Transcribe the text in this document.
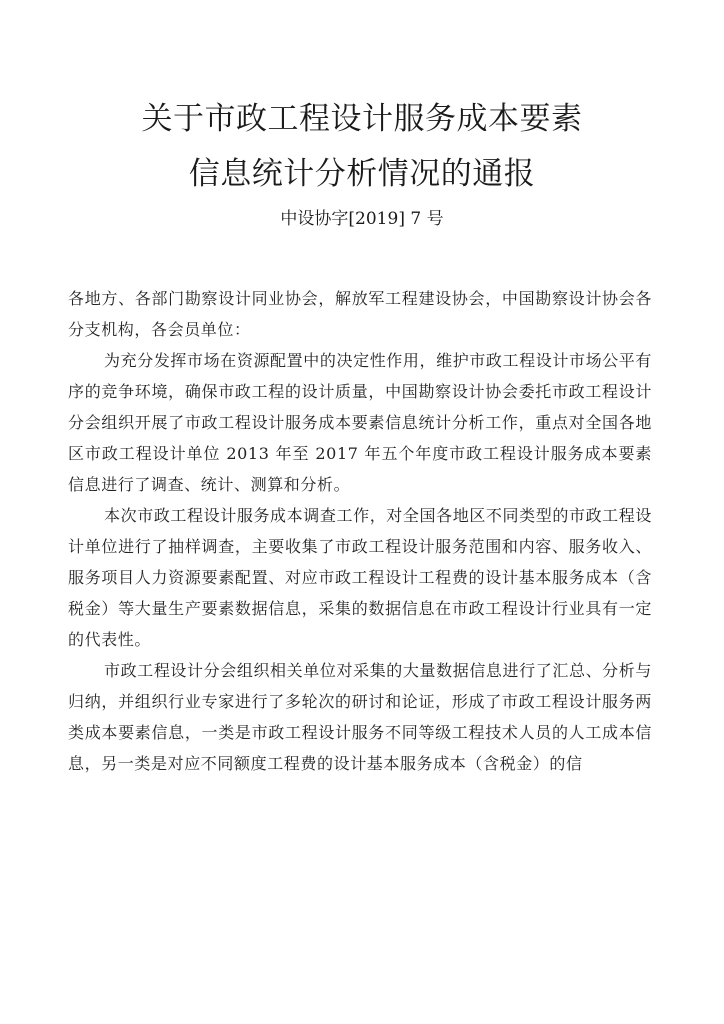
关于市政工程设计服务成本要素
信息统计分析情况的通报
中设协字[2019] 7 号

各地方、各部门勘察设计同业协会，解放军工程建设协会，中国勘察设计协会各分支机构，各会员单位：

为充分发挥市场在资源配置中的决定性作用，维护市政工程设计市场公平有序的竞争环境，确保市政工程的设计质量，中国勘察设计协会委托市政工程设计分会组织开展了市政工程设计服务成本要素信息统计分析工作，重点对全国各地区市政工程设计单位 2013 年至 2017 年五个年度市政工程设计服务成本要素信息进行了调查、统计、测算和分析。

本次市政工程设计服务成本调查工作，对全国各地区不同类型的市政工程设计单位进行了抽样调查，主要收集了市政工程设计服务范围和内容、服务收入、服务项目人力资源要素配置、对应市政工程设计工程费的设计基本服务成本（含税金）等大量生产要素数据信息，采集的数据信息在市政工程设计行业具有一定的代表性。

市政工程设计分会组织相关单位对采集的大量数据信息进行了汇总、分析与归纳，并组织行业专家进行了多轮次的研讨和论证，形成了市政工程设计服务两类成本要素信息，一类是市政工程设计服务不同等级工程技术人员的人工成本信息，另一类是对应不同额度工程费的设计基本服务成本（含税金）的信
